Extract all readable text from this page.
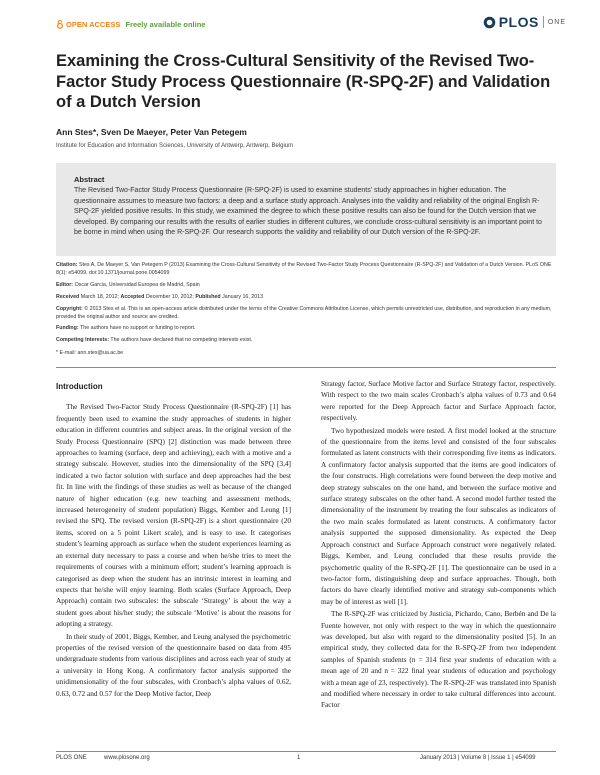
OPEN ACCESS Freely available online	PLOS ONE
Examining the Cross-Cultural Sensitivity of the Revised Two-Factor Study Process Questionnaire (R-SPQ-2F) and Validation of a Dutch Version
Ann Stes*, Sven De Maeyer, Peter Van Petegem
Institute for Education and Information Sciences, University of Antwerp, Antwerp, Belgium
Abstract

The Revised Two-Factor Study Process Questionnaire (R-SPQ-2F) is used to examine students’ study approaches in higher education. The questionnaire assumes to measure two factors: a deep and a surface study approach. Analyses into the validity and reliability of the original English R-SPQ-2F yielded positive results. In this study, we examined the degree to which these positive results can also be found for the Dutch version that we developed. By comparing our results with the results of earlier studies in different cultures, we conclude cross-cultural sensitivity is an important point to be borne in mind when using the R-SPQ-2F. Our research supports the validity and reliability of our Dutch version of the R-SPQ-2F.

Citation: Stes A, De Maeyer S, Van Petegem P (2013) Examining the Cross-Cultural Sensitivity of the Revised Two-Factor Study Process Questionnaire (R-SPQ-2F) and Validation of a Dutch Version. PLoS ONE 8(1): e54099. doi:10.1371/journal.pone.0054099

Editor: Oscar Garcia, Universidad Europea de Madrid, Spain

Received March 18, 2012; Accepted December 10, 2012; Published January 16, 2013

Copyright: © 2013 Stes et al. This is an open-access article distributed under the terms of the Creative Commons Attribution License, which permits unrestricted use, distribution, and reproduction in any medium, provided the original author and source are credited.

Funding: The authors have no support or funding to report.

Competing Interests: The authors have declared that no competing interests exist.

* E-mail: ann.stes@ua.ac.be

Introduction

The Revised Two-Factor Study Process Questionnaire (R-SPQ-2F) [1] has frequently been used to examine the study approaches of students in higher education in different countries and subject areas. In the original version of the Study Process Questionnaire (SPQ) [2] distinction was made between three approaches to learning (surface, deep and achieving), each with a motive and a strategy subscale. However, studies into the dimensionality of the SPQ [3,4] indicated a two factor solution with surface and deep approaches had the best fit. In line with the findings of these studies as well as because of the changed nature of higher education (e.g. new teaching and assessment methods, increased heterogeneity of student population) Biggs, Kember and Leung [1] revised the SPQ. The revised version (R-SPQ-2F) is a short questionnaire (20 items, scored on a 5 point Likert scale), and is easy to use. It categorises student’s learning approach as surface when the student experiences learning as an external duty necessary to pass a course and when he/she tries to meet the requirements of courses with a minimum effort; student’s learning approach is categorised as deep when the student has an intrinsic interest in learning and expects that he/she will enjoy learning. Both scales (Surface Approach, Deep Approach) contain two subscales: the subscale ‘Strategy’ is about the way a student goes about his/her study; the subscale ‘Motive’ is about the reasons for adopting a strategy.

In their study of 2001, Biggs, Kember, and Leung analysed the psychometric properties of the revised version of the questionnaire based on data from 495 undergraduate students from various disciplines and across each year of study at a university in Hong Kong. A confirmatory factor analysis supported the unidimensionality of the four subscales, with Cronbach’s alpha values of 0.62, 0.63, 0.72 and 0.57 for the Deep Motive factor, Deep

Strategy factor, Surface Motive factor and Surface Strategy factor, respectively. With respect to the two main scales Cronbach’s alpha values of 0.73 and 0.64 were reported for the Deep Approach factor and Surface Approach factor, respectively.

Two hypothesized models were tested. A first model looked at the structure of the questionnaire from the items level and consisted of the four subscales formulated as latent constructs with their corresponding five items as indicators. A confirmatory factor analysis supported that the items are good indicators of the four constructs. High correlations were found between the deep motive and deep strategy subscales on the one hand, and between the surface motive and surface strategy subscales on the other hand. A second model further tested the dimensionality of the instrument by treating the four subscales as indicators of the two main scales formulated as latent constructs. A confirmatory factor analysis supported the supposed dimensionality. As expected the Deep Approach construct and Surface Approach construct were negatively related. Biggs, Kember, and Leung concluded that these results provide the psychometric quality of the R-SPQ-2F [1]. The questionnaire can be used in a two-factor form, distinguishing deep and surface approaches. Though, both factors do have clearly identified motive and strategy sub-components which may be of interest as well [1].

The R-SPQ-2F was criticized by Justicia, Pichardo, Cano, Berbén and De la Fuente however, not only with respect to the way in which the questionnaire was developed, but also with regard to the dimensionality posited [5]. In an empirical study, they collected data for the R-SPQ-2F from two independent samples of Spanish students (n = 314 first year students of education with a mean age of 20 and n = 322 final year students of education and psychology with a mean age of 23, respectively). The R-SPQ-2F was translated into Spanish and modified where necessary in order to take cultural differences into account. Factor

PLOS ONE	www.plosone.org	1	January 2013 | Volume 8 | Issue 1 | e54099
